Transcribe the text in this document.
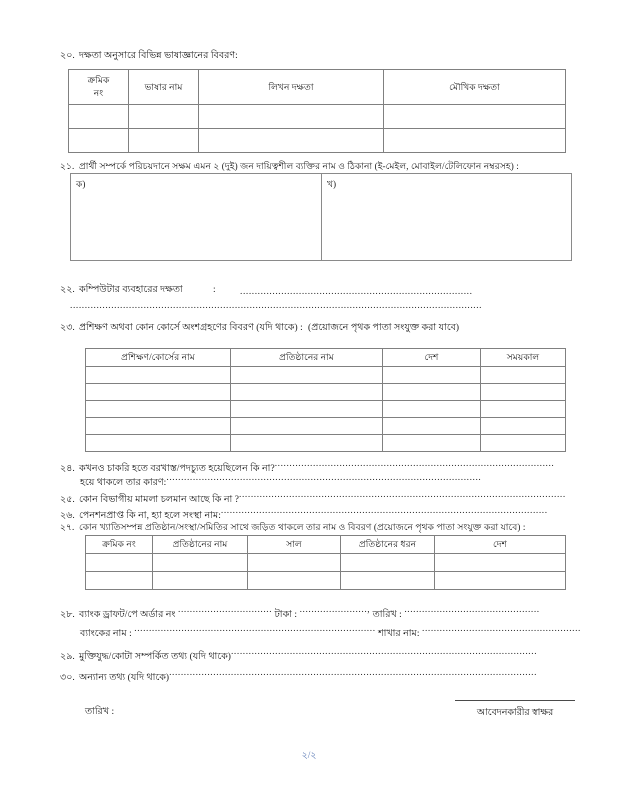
২০. দক্ষতা অনুসারে বিভিন্ন ভাষাজ্ঞানের বিবরণ:
ক্রমিক
নং	ভাষার নাম	লিখন দক্ষতা	মৌখিক দক্ষতা

২১. প্রার্থী সম্পর্কে পরিচয়দানে সক্ষম এমন ২ (দুই) জন দায়িত্বশীল ব্যক্তির নাম ও ঠিকানা (ই-মেইল, মোবাইল/টেলিফোন নম্বরসহ) :
ক)	খ)
২২. কম্পিউটার ব্যবহারের দক্ষতা	:	...............................................................................
............................................................................................................................................
২৩. প্রশিক্ষণ অথবা কোন কোর্সে অংশগ্রহণের বিবরণ (যদি থাকে) : (প্রয়োজনে পৃথক পাতা সংযুক্ত করা যাবে)
প্রশিক্ষণ/কোর্সের নাম	প্রতিষ্ঠানের নাম	দেশ	সময়কাল

২৪. কখনও চাকরি হতে বরখাস্ত/পদচ্যুত হয়েছিলেন কি না?...............................................................................................
হয়ে থাকলে তার কারণ:...........................................................................................................
২৫. কোন বিভাগীয় মামলা চলমান আছে কি না ?...............................................................................................................
২৬. পেনশনপ্রাপ্ত কি না, হ্যা হলে সংস্থা নাম:...............................................................................................................
২৭. কোন খ্যাতিসম্পন্ন প্রতিষ্ঠান/সংস্থা/সমিতির সাথে জড়িত থাকলে তার নাম ও বিবরণ (প্রয়োজনে পৃথক পাতা সংযুক্ত করা যাবে) :
ক্রমিক নং	প্রতিষ্ঠানের নাম	সাল	প্রতিষ্ঠানের ধরন	দেশ

২৮. ব্যাংক ড্রাফট/পে অর্ডার নং ................................ টাকা : ......................., তারিখ : ..............................................
ব্যাংকের নাম : .................................................................................. শাখার নাম: ......................................................
২৯. মুক্তিযুদ্ধ/কোটা সম্পর্কিত তথ্য (যদি থাকে)........................................................................................................
৩০. অন্যান্য তথ্য (যদি থাকে).............................................................................................................................
আবেদনকারীর স্বাক্ষর
তারিখ :
২/২
